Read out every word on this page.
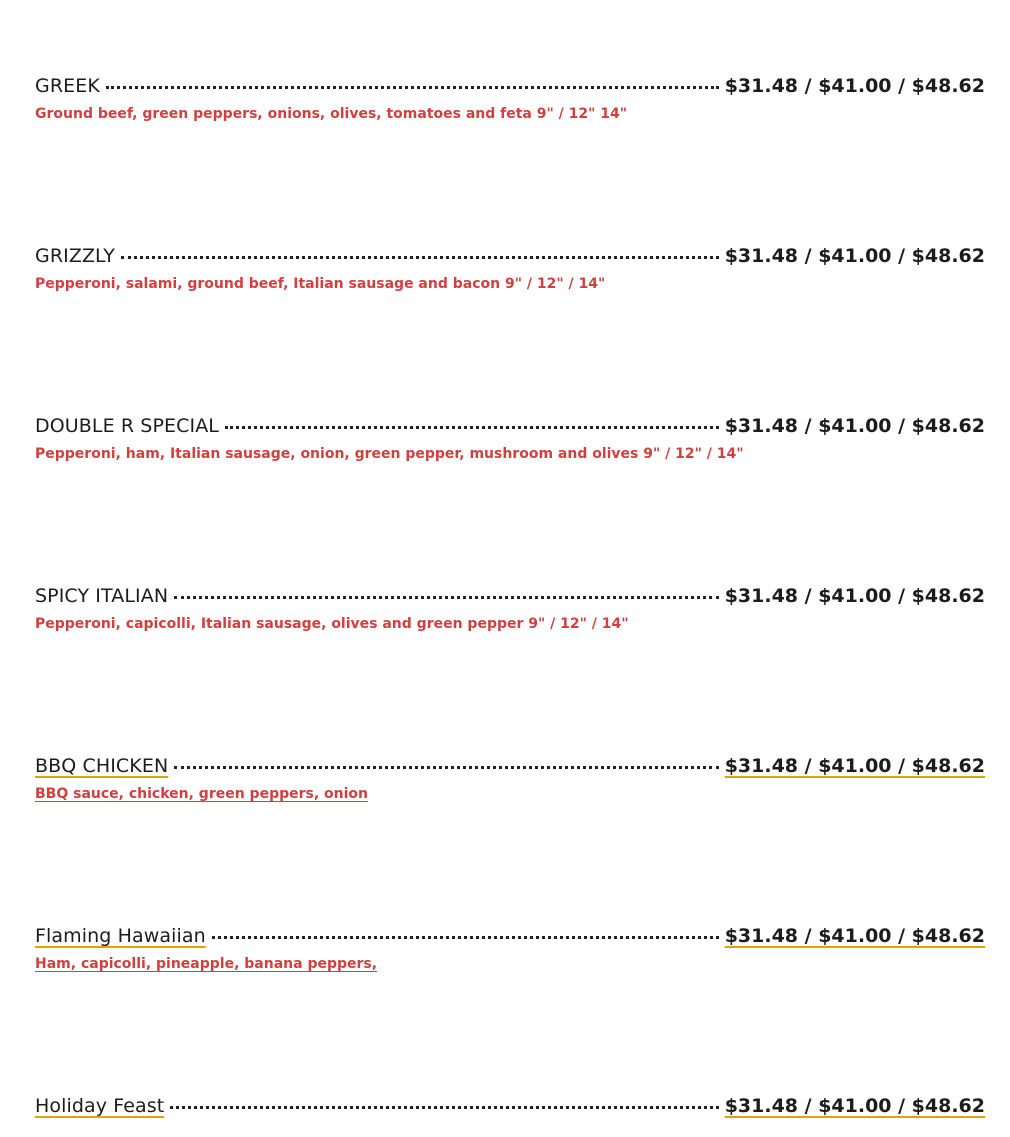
GREEK	$31.48 / $41.00 / $48.62
Ground beef, green peppers, onions, olives, tomatoes and feta 9" / 12" 14"
GRIZZLY	$31.48 / $41.00 / $48.62
Pepperoni, salami, ground beef, Italian sausage and bacon 9" / 12" / 14"
DOUBLE R SPECIAL	$31.48 / $41.00 / $48.62
Pepperoni, ham, Italian sausage, onion, green pepper, mushroom and olives 9" / 12" / 14"
SPICY ITALIAN	$31.48 / $41.00 / $48.62
Pepperoni, capicolli, Italian sausage, olives and green pepper 9" / 12" / 14"
BBQ CHICKEN	$31.48 / $41.00 / $48.62
BBQ sauce, chicken, green peppers, onion
Flaming Hawaiian	$31.48 / $41.00 / $48.62
Ham, capicolli, pineapple, banana peppers,
Holiday Feast	$31.48 / $41.00 / $48.62
